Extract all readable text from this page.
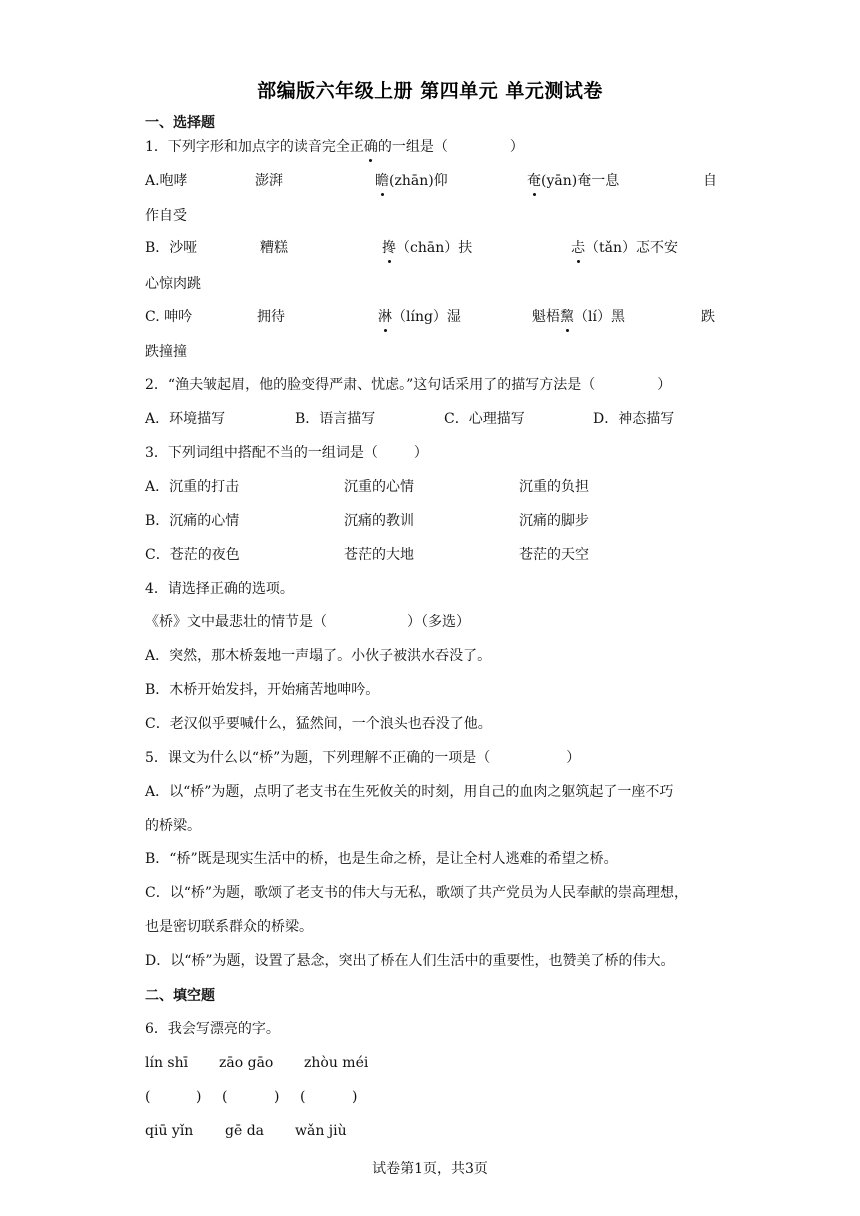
部编版六年级上册 第四单元 单元测试卷
一、选择题
1．下列字形和加点字的读音完全正确的一组是（	）
A.咆哮	澎湃	瞻(zhān)仰	奄(yān)奄一息	自
作自受
B．沙哑	糟糕	搀（chān）扶	忐（tǎn）忑不安
心惊肉跳
C. 呻吟	拥待	淋（líng）湿	魁梧黧（lí）黑	跌
跌撞撞
2．“渔夫皱起眉，他的脸变得严肃、忧虑。”这句话采用了的描写方法是（	）
A．环境描写	B．语言描写	C．心理描写	D．神态描写
3．下列词组中搭配不当的一组词是（	）
A．沉重的打击	沉重的心情	沉重的负担
B．沉痛的心情	沉痛的教训	沉痛的脚步
C．苍茫的夜色	苍茫的大地	苍茫的天空
4．请选择正确的选项。
《桥》文中最悲壮的情节是（	）（多选）
A．突然，那木桥轰地一声塌了。小伙子被洪水吞没了。
B．木桥开始发抖，开始痛苦地呻吟。
C．老汉似乎要喊什么，猛然间，一个浪头也吞没了他。
5．课文为什么以“桥”为题，下列理解不正确的一项是（	）
A．以“桥”为题，点明了老支书在生死攸关的时刻，用自己的血肉之躯筑起了一座不巧
的桥梁。
B．“桥”既是现实生活中的桥，也是生命之桥，是让全村人逃难的希望之桥。
C．以“桥”为题，歌颂了老支书的伟大与无私，歌颂了共产党员为人民奉献的崇高理想，
也是密切联系群众的桥梁。
D．以“桥”为题，设置了悬念，突出了桥在人们生活中的重要性，也赞美了桥的伟大。
二、填空题
6．我会写漂亮的字。
lín shī zāo gāo zhòu méi
(	) (	) (	)
qiū yǐn gē da wǎn jiù
试卷第1页，共3页
